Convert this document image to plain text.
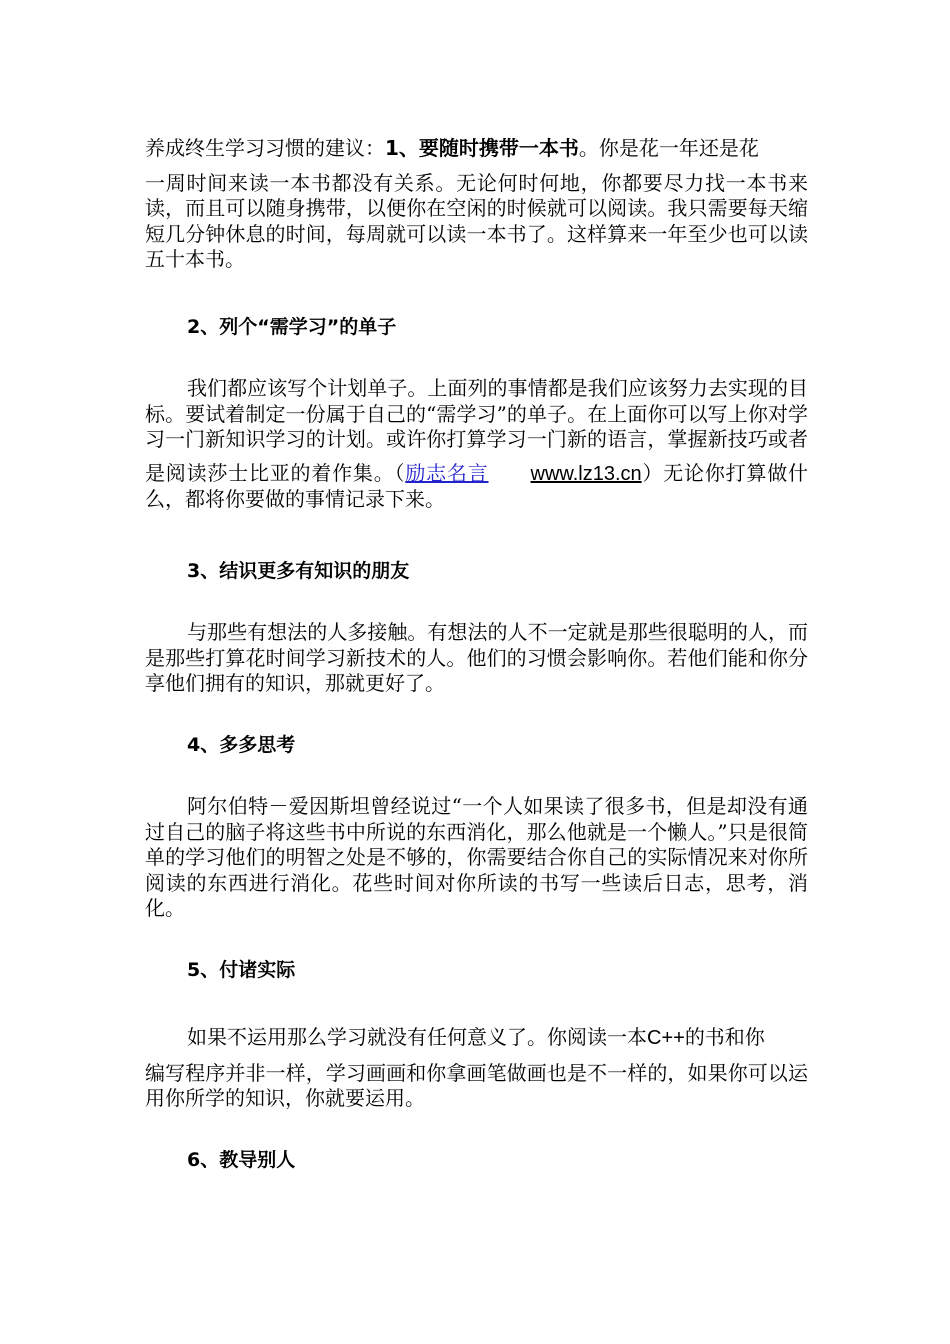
养成终生学习习惯的建议：1、要随时携带一本书。你是花一年还是花

一周时间来读一本书都没有关系。无论何时何地，你都要尽力找一本书来读，而且可以随身携带，以便你在空闲的时候就可以阅读。我只需要每天缩短几分钟休息的时间，每周就可以读一本书了。这样算来一年至少也可以读五十本书。

2、列个“需学习”的单子

我们都应该写个计划单子。上面列的事情都是我们应该努力去实现的目标。要试着制定一份属于自己的“需学习”的单子。在上面你可以写上你对学习一门新知识学习的计划。或许你打算学习一门新的语言，掌握新技巧或者是阅读莎士比亚的着作集。（励志名言 www.lz13.cn）无论你打算做什么，都将你要做的事情记录下来。

3、结识更多有知识的朋友

与那些有想法的人多接触。有想法的人不一定就是那些很聪明的人，而是那些打算花时间学习新技术的人。他们的习惯会影响你。若他们能和你分享他们拥有的知识，那就更好了。

4、多多思考

阿尔伯特－爱因斯坦曾经说过“一个人如果读了很多书，但是却没有通过自己的脑子将这些书中所说的东西消化，那么他就是一个懒人。”只是很简单的学习他们的明智之处是不够的，你需要结合你自己的实际情况来对你所阅读的东西进行消化。花些时间对你所读的书写一些读后日志，思考，消化。

5、付诸实际

如果不运用那么学习就没有任何意义了。你阅读一本C++的书和你

编写程序并非一样，学习画画和你拿画笔做画也是不一样的，如果你可以运用你所学的知识，你就要运用。

6、教导别人
